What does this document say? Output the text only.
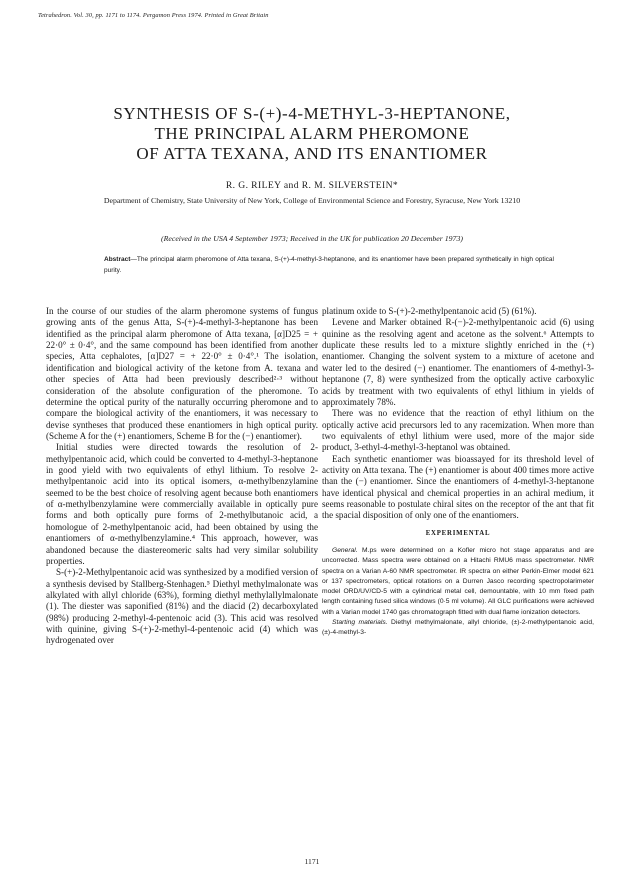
Tetrahedron. Vol. 30, pp. 1171 to 1174. Pergamon Press 1974. Printed in Great Britain
SYNTHESIS OF S-(+)-4-METHYL-3-HEPTANONE,
THE PRINCIPAL ALARM PHEROMONE
OF ATTA TEXANA, AND ITS ENANTIOMER
R. G. RILEY and R. M. SILVERSTEIN*
Department of Chemistry, State University of New York, College of Environmental Science and Forestry, Syracuse, New York 13210
(Received in the USA 4 September 1973; Received in the UK for publication 20 December 1973)
Abstract—The principal alarm pheromone of Atta texana, S-(+)-4-methyl-3-heptanone, and its enantiomer have been prepared synthetically in high optical purity.

In the course of our studies of the alarm pheromone systems of fungus growing ants of the genus Atta, S-(+)-4-methyl-3-heptanone has been identified as the principal alarm pheromone of Atta texana, [α]D25 = + 22·0° ± 0·4°, and the same compound has been identified from another species, Atta cephalotes, [α]D27 = + 22·0° ± 0·4°.¹ The isolation, identification and biological activity of the ketone from A. texana and other species of Atta had been previously described²·³ without consideration of the absolute configuration of the pheromone. To determine the optical purity of the naturally occurring pheromone and to compare the biological activity of the enantiomers, it was necessary to devise syntheses that produced these enantiomers in high optical purity. (Scheme A for the (+) enantiomers, Scheme B for the (−) enantiomer).

Initial studies were directed towards the resolution of 2-methylpentanoic acid, which could be converted to 4-methyl-3-heptanone in good yield with two equivalents of ethyl lithium. To resolve 2-methylpentanoic acid into its optical isomers, α-methylbenzylamine seemed to be the best choice of resolving agent because both enantiomers of α-methylbenzylamine were commercially available in optically pure forms and both optically pure forms of 2-methylbutanoic acid, a homologue of 2-methylpentanoic acid, had been obtained by using the enantiomers of α-methylbenzylamine.⁴ This approach, however, was abandoned because the diastereomeric salts had very similar solubility properties.

S-(+)-2-Methylpentanoic acid was synthesized by a modified version of a synthesis devised by Stallberg-Stenhagen.⁵ Diethyl methylmalonate was alkylated with allyl chloride (63%), forming diethyl methylallylmalonate (1). The diester was saponified (81%) and the diacid (2) decarboxylated (98%) producing 2-methyl-4-pentenoic acid (3). This acid was resolved with quinine, giving S-(+)-2-methyl-4-pentenoic acid (4) which was hydrogenated over

platinum oxide to S-(+)-2-methylpentanoic acid (5) (61%).

Levene and Marker obtained R-(−)-2-methylpentanoic acid (6) using quinine as the resolving agent and acetone as the solvent.⁶ Attempts to duplicate these results led to a mixture slightly enriched in the (+) enantiomer. Changing the solvent system to a mixture of acetone and water led to the desired (−) enantiomer. The enantiomers of 4-methyl-3-heptanone (7, 8) were synthesized from the optically active carboxylic acids by treatment with two equivalents of ethyl lithium in yields of approximately 78%.

There was no evidence that the reaction of ethyl lithium on the optically active acid precursors led to any racemization. When more than two equivalents of ethyl lithium were used, more of the major side product, 3-ethyl-4-methyl-3-heptanol was obtained.

Each synthetic enantiomer was bioassayed for its threshold level of activity on Atta texana. The (+) enantiomer is about 400 times more active than the (−) enantiomer. Since the enantiomers of 4-methyl-3-heptanone have identical physical and chemical properties in an achiral medium, it seems reasonable to postulate chiral sites on the receptor of the ant that fit the spacial disposition of only one of the enantiomers.

EXPERIMENTAL

General. M.ps were determined on a Kofler micro hot stage apparatus and are uncorrected. Mass spectra were obtained on a Hitachi RMU6 mass spectrometer. NMR spectra on a Varian A-60 NMR spectrometer. IR spectra on either Perkin-Elmer model 621 or 137 spectrometers, optical rotations on a Durren Jasco recording spectropolarimeter model ORD/UV/CD-5 with a cylindrical metal cell, demountable, with 10 mm fixed path length containing fused silica windows (0·5 ml volume). All GLC purifications were achieved with a Varian model 1740 gas chromatograph fitted with dual flame ionization detectors.

Starting materials. Diethyl methylmalonate, allyl chloride, (±)-2-methylpentanoic acid, (±)-4-methyl-3-

1171
